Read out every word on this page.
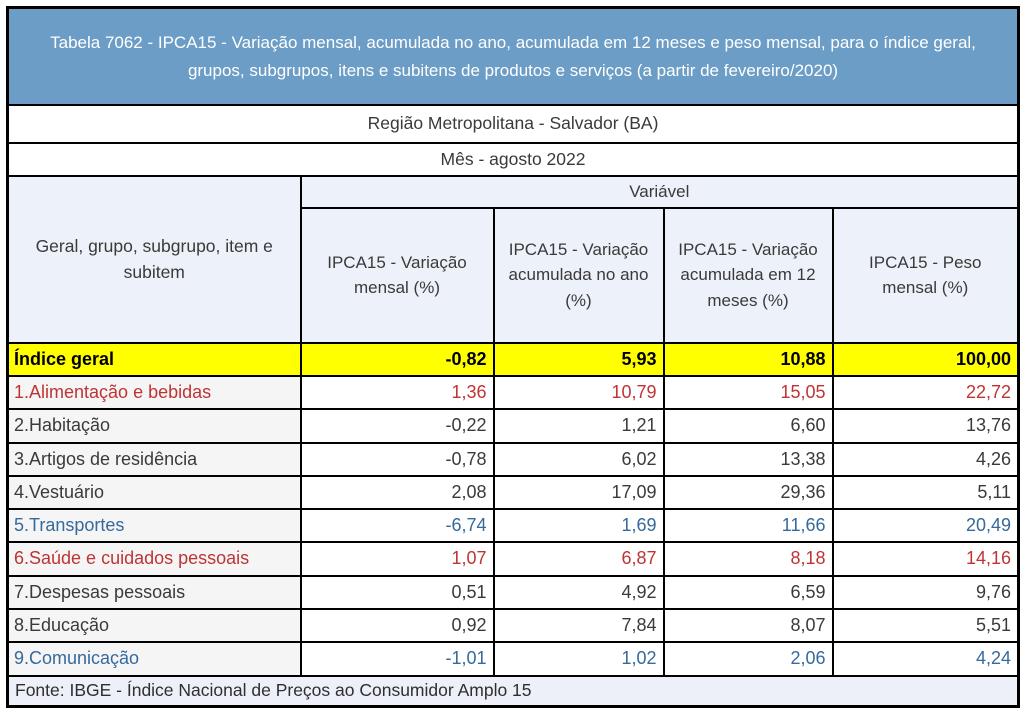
Tabela 7062 - IPCA15 - Variação mensal, acumulada no ano, acumulada em 12 meses e peso mensal, para o índice geral, grupos, subgrupos, itens e subitens de produtos e serviços (a partir de fevereiro/2020)				
Região Metropolitana - Salvador (BA)				
Mês - agosto 2022				
Geral, grupo, subgrupo, item e subitem	Variável			
	IPCA15 - Variação mensal (%)	IPCA15 - Variação acumulada no ano (%)	IPCA15 - Variação acumulada em 12 meses (%)	IPCA15 - Peso mensal (%)
Índice geral	-0,82	5,93	10,88	100,00
1.Alimentação e bebidas	1,36	10,79	15,05	22,72
2.Habitação	-0,22	1,21	6,60	13,76
3.Artigos de residência	-0,78	6,02	13,38	4,26
4.Vestuário	2,08	17,09	29,36	5,11
5.Transportes	-6,74	1,69	11,66	20,49
6.Saúde e cuidados pessoais	1,07	6,87	8,18	14,16
7.Despesas pessoais	0,51	4,92	6,59	9,76
8.Educação	0,92	7,84	8,07	5,51
9.Comunicação	-1,01	1,02	2,06	4,24
Fonte: IBGE - Índice Nacional de Preços ao Consumidor Amplo 15				
